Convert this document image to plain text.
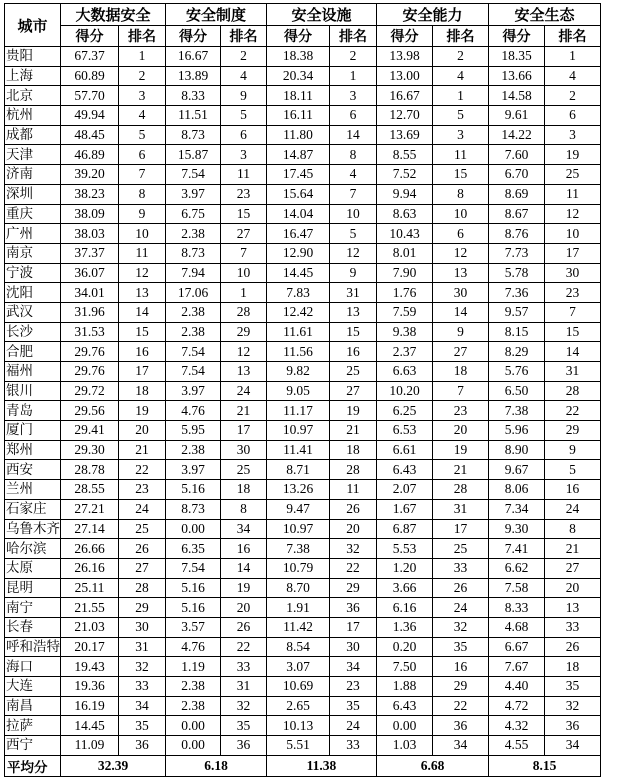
城市	大数据安全		安全制度		安全设施		安全能力		安全生态	
	得分	排名	得分	排名	得分	排名	得分	排名	得分	排名
贵阳	67.37	1	16.67	2	18.38	2	13.98	2	18.35	1
上海	60.89	2	13.89	4	20.34	1	13.00	4	13.66	4
北京	57.70	3	8.33	9	18.11	3	16.67	1	14.58	2
杭州	49.94	4	11.51	5	16.11	6	12.70	5	9.61	6
成都	48.45	5	8.73	6	11.80	14	13.69	3	14.22	3
天津	46.89	6	15.87	3	14.87	8	8.55	11	7.60	19
济南	39.20	7	7.54	11	17.45	4	7.52	15	6.70	25
深圳	38.23	8	3.97	23	15.64	7	9.94	8	8.69	11
重庆	38.09	9	6.75	15	14.04	10	8.63	10	8.67	12
广州	38.03	10	2.38	27	16.47	5	10.43	6	8.76	10
南京	37.37	11	8.73	7	12.90	12	8.01	12	7.73	17
宁波	36.07	12	7.94	10	14.45	9	7.90	13	5.78	30
沈阳	34.01	13	17.06	1	7.83	31	1.76	30	7.36	23
武汉	31.96	14	2.38	28	12.42	13	7.59	14	9.57	7
长沙	31.53	15	2.38	29	11.61	15	9.38	9	8.15	15
合肥	29.76	16	7.54	12	11.56	16	2.37	27	8.29	14
福州	29.76	17	7.54	13	9.82	25	6.63	18	5.76	31
银川	29.72	18	3.97	24	9.05	27	10.20	7	6.50	28
青岛	29.56	19	4.76	21	11.17	19	6.25	23	7.38	22
厦门	29.41	20	5.95	17	10.97	21	6.53	20	5.96	29
郑州	29.30	21	2.38	30	11.41	18	6.61	19	8.90	9
西安	28.78	22	3.97	25	8.71	28	6.43	21	9.67	5
兰州	28.55	23	5.16	18	13.26	11	2.07	28	8.06	16
石家庄	27.21	24	8.73	8	9.47	26	1.67	31	7.34	24
乌鲁木齐	27.14	25	0.00	34	10.97	20	6.87	17	9.30	8
哈尔滨	26.66	26	6.35	16	7.38	32	5.53	25	7.41	21
太原	26.16	27	7.54	14	10.79	22	1.20	33	6.62	27
昆明	25.11	28	5.16	19	8.70	29	3.66	26	7.58	20
南宁	21.55	29	5.16	20	1.91	36	6.16	24	8.33	13
长春	21.03	30	3.57	26	11.42	17	1.36	32	4.68	33
呼和浩特	20.17	31	4.76	22	8.54	30	0.20	35	6.67	26
海口	19.43	32	1.19	33	3.07	34	7.50	16	7.67	18
大连	19.36	33	2.38	31	10.69	23	1.88	29	4.40	35
南昌	16.19	34	2.38	32	2.65	35	6.43	22	4.72	32
拉萨	14.45	35	0.00	35	10.13	24	0.00	36	4.32	36
西宁	11.09	36	0.00	36	5.51	33	1.03	34	4.55	34
平均分	32.39		6.18		11.38		6.68		8.15	
